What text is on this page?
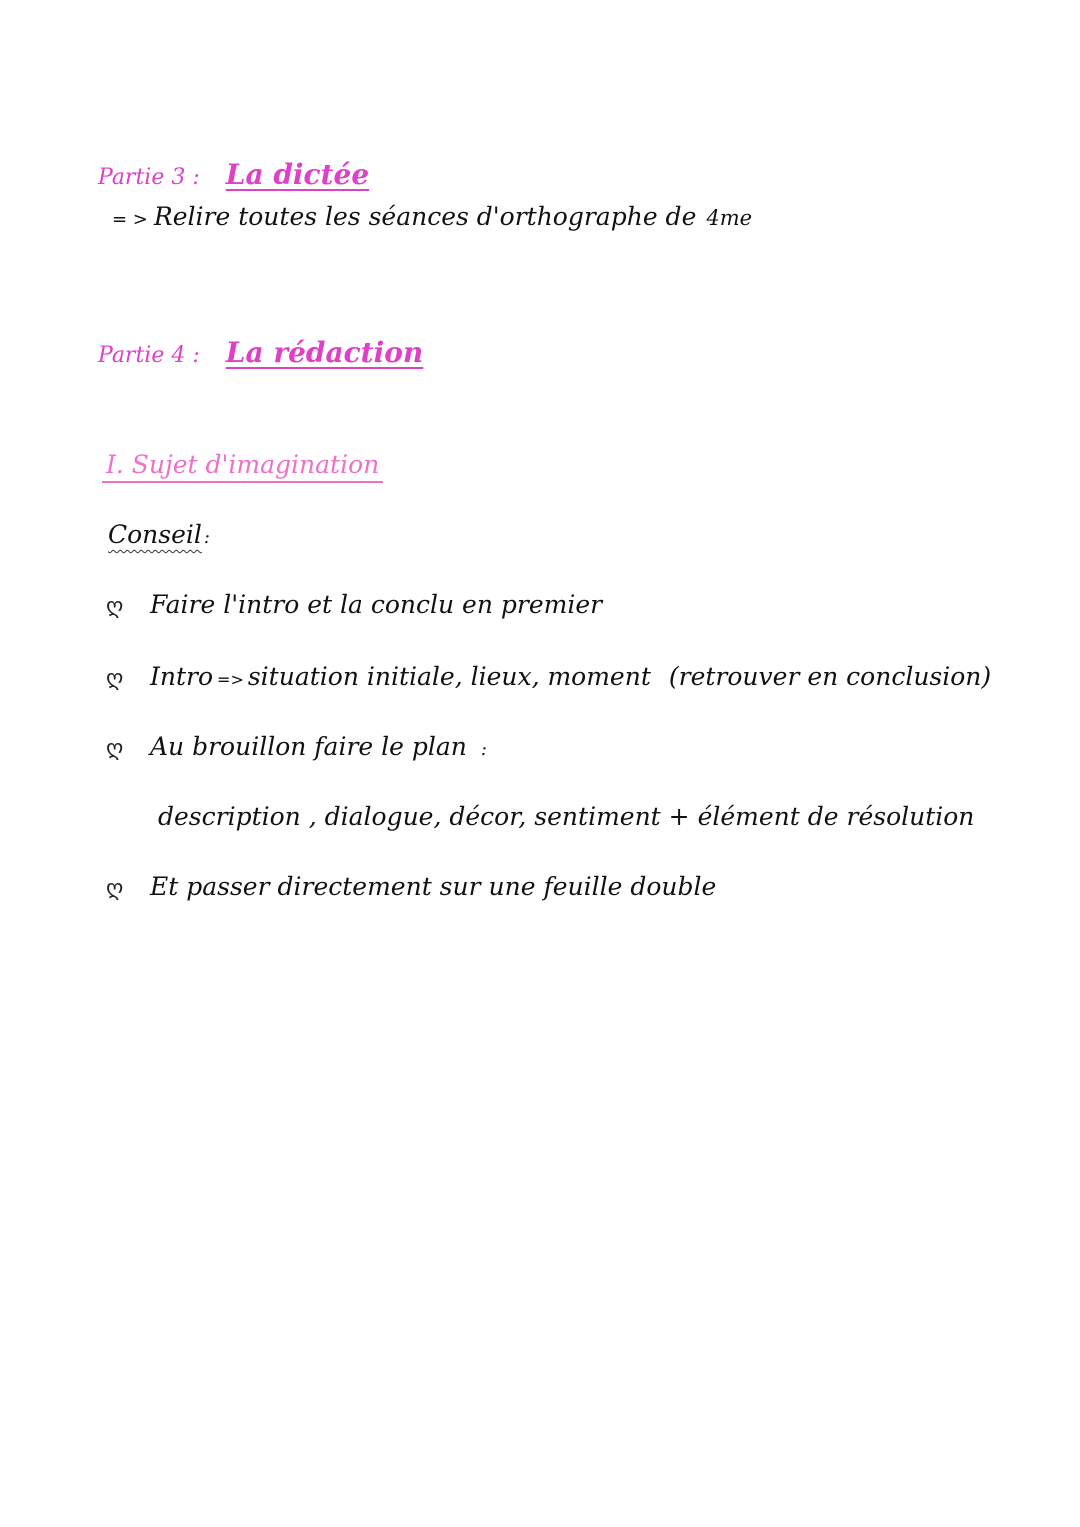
Partie 3 : La dictée
= > Relire toutes les séances d'orthographe de 4me
Partie 4 : La rédaction
I. Sujet d'imagination
Conseil :
ღ Faire l'intro et la conclu en premier
ღ Intro => situation initiale, lieux, moment (retrouver en conclusion)
ღ Au brouillon faire le plan :
description , dialogue, décor, sentiment + élément de résolution
ღ Et passer directement sur une feuille double
